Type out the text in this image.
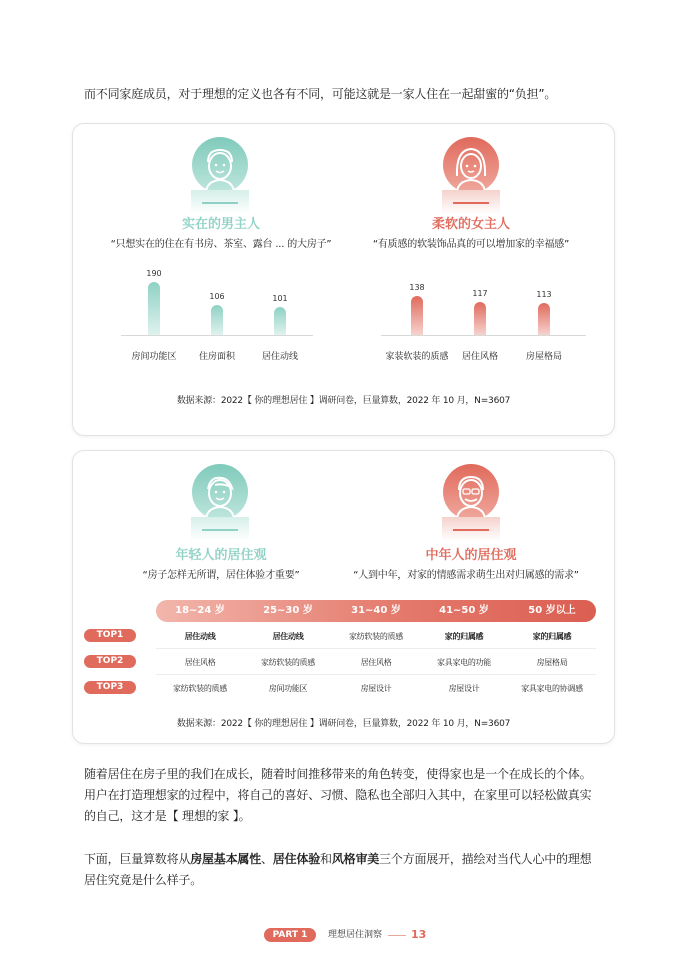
而不同家庭成员，对于理想的定义也各有不同，可能这就是一家人住在一起甜蜜的“负担”。
实在的男主人
“只想实在的住在有书房、茶室、露台 ... 的大房子”
190
房间功能区
106
住房面积
101
居住动线
柔软的女主人
“有质感的软装饰品真的可以增加家的幸福感”
138
家装软装的质感
117
居住风格
113
房屋格局
数据来源：2022【 你的理想居住 】调研问卷，巨量算数，2022 年 10 月，N=3607
年轻人的居住观
“房子怎样无所谓，居住体验才重要”
中年人的居住观
“人到中年，对家的情感需求萌生出对归属感的需求”
18~24 岁	25~30 岁	31~40 岁	41~50 岁	50 岁以上
TOP1	居住动线	居住动线	家纺软装的质感	家的归属感	家的归属感
TOP2	居住风格	家纺软装的质感	居住风格	家具家电的功能	房屋格局
TOP3	家纺软装的质感	房间功能区	房屋设计	房屋设计	家具家电的协调感
数据来源：2022【 你的理想居住 】调研问卷，巨量算数，2022 年 10 月，N=3607
随着居住在房子里的我们在成长，随着时间推移带来的角色转变，使得家也是一个在成长的个体。
用户在打造理想家的过程中，将自己的喜好、习惯、隐私也全部归入其中，在家里可以轻松做真实
的自己，这才是【 理想的家 】。
下面，巨量算数将从房屋基本属性、居住体验和风格审美三个方面展开，描绘对当代人心中的理想
居住究竟是什么样子。
PART 1	理想居住洞察	13
